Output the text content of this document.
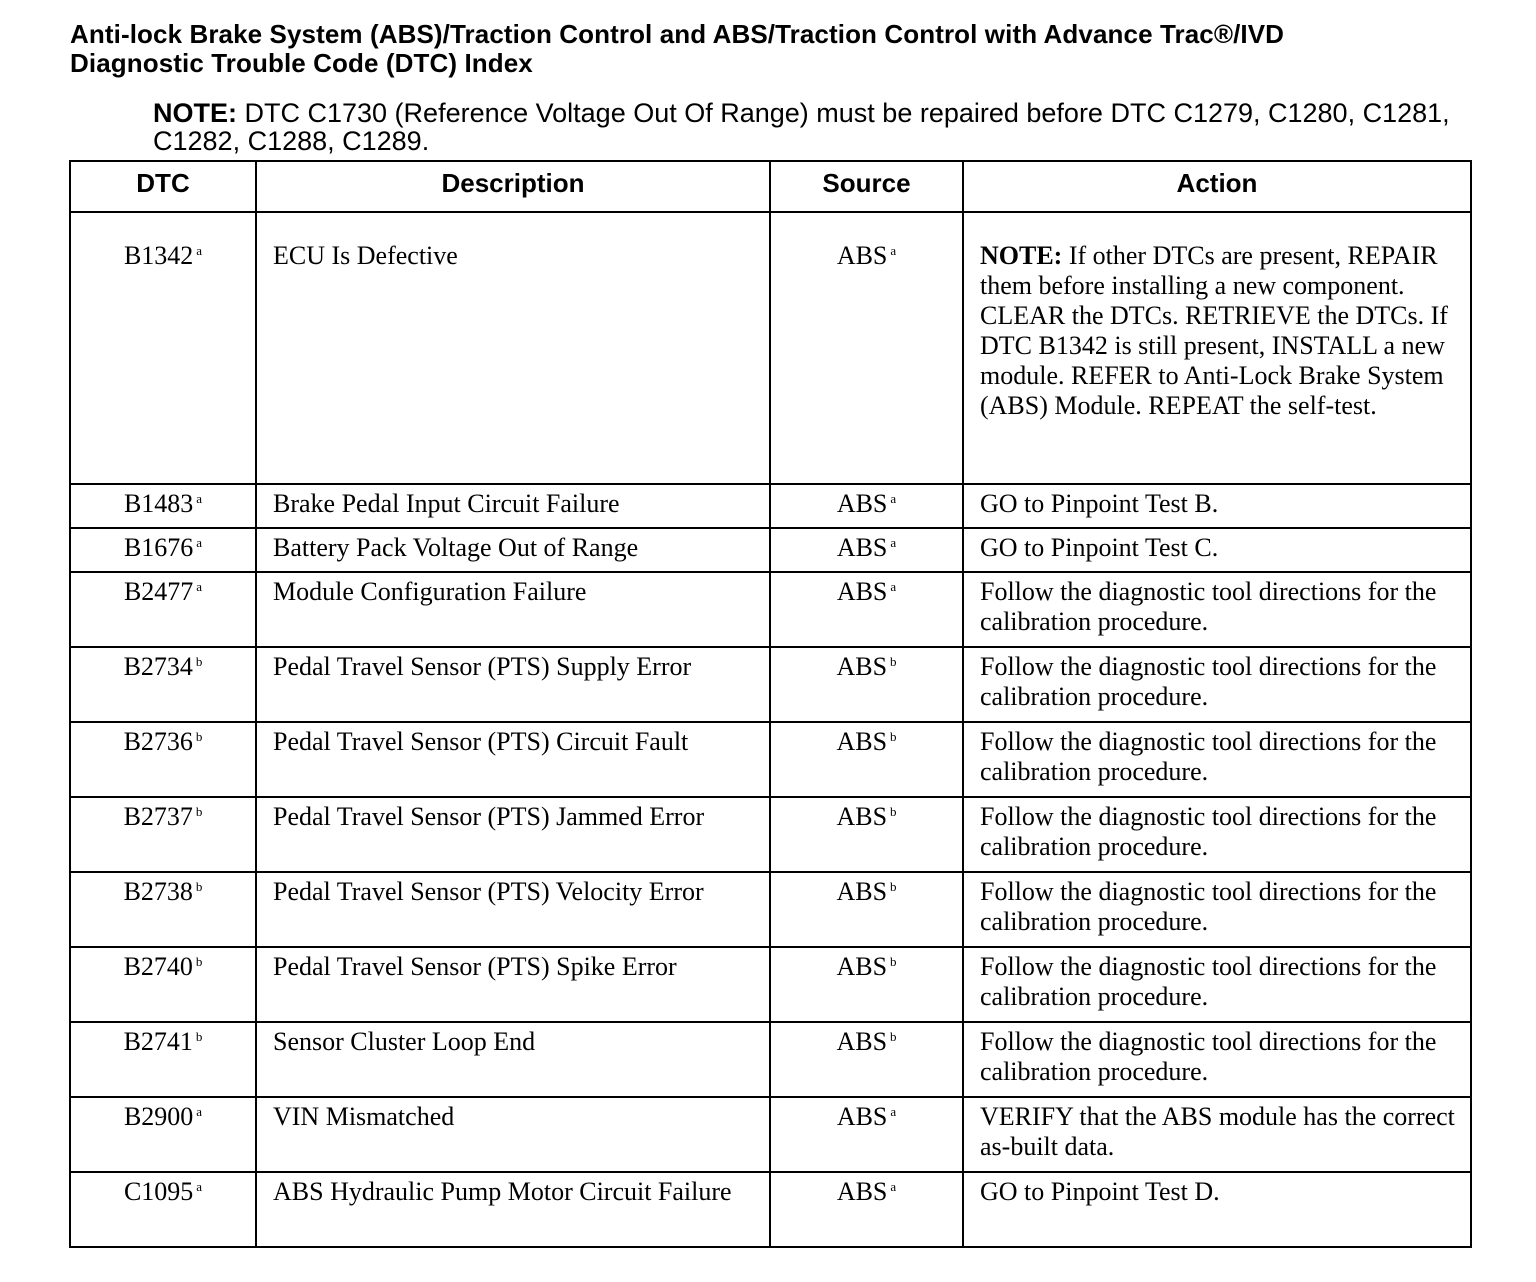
Anti-lock Brake System (ABS)/Traction Control and ABS/Traction Control with Advance Trac®/IVD
Diagnostic Trouble Code (DTC) Index
NOTE: DTC C1730 (Reference Voltage Out Of Range) must be repaired before DTC C1279, C1280, C1281, C1282, C1288, C1289.
DTC	Description	Source	Action
B1342 $^a$	ECU Is Defective	ABS $^a$	NOTE: If other DTCs are present, REPAIR them before installing a new component.
CLEAR the DTCs. RETRIEVE the DTCs. If DTC B1342 is still present, INSTALL a new module. REFER to Anti-Lock Brake System (ABS) Module. REPEAT the self-test.

B1483 $^a$	Brake Pedal Input Circuit Failure	ABS $^a$	GO to Pinpoint Test B.
B1676 $^a$	Battery Pack Voltage Out of Range	ABS $^a$	GO to Pinpoint Test C.
B2477 $^a$	Module Configuration Failure	ABS $^a$	Follow the diagnostic tool directions for the calibration procedure.
B2734 $^b$	Pedal Travel Sensor (PTS) Supply Error	ABS $^b$	Follow the diagnostic tool directions for the calibration procedure.
B2736 $^b$	Pedal Travel Sensor (PTS) Circuit Fault	ABS $^b$	Follow the diagnostic tool directions for the calibration procedure.
B2737 $^b$	Pedal Travel Sensor (PTS) Jammed Error	ABS $^b$	Follow the diagnostic tool directions for the calibration procedure.
B2738 $^b$	Pedal Travel Sensor (PTS) Velocity Error	ABS $^b$	Follow the diagnostic tool directions for the calibration procedure.
B2740 $^b$	Pedal Travel Sensor (PTS) Spike Error	ABS $^b$	Follow the diagnostic tool directions for the calibration procedure.
B2741 $^b$	Sensor Cluster Loop End	ABS $^b$	Follow the diagnostic tool directions for the calibration procedure.
B2900 $^a$	VIN Mismatched	ABS $^a$	VERIFY that the ABS module has the correct as-built data.
C1095 $^a$	ABS Hydraulic Pump Motor Circuit Failure	ABS $^a$	GO to Pinpoint Test D.
